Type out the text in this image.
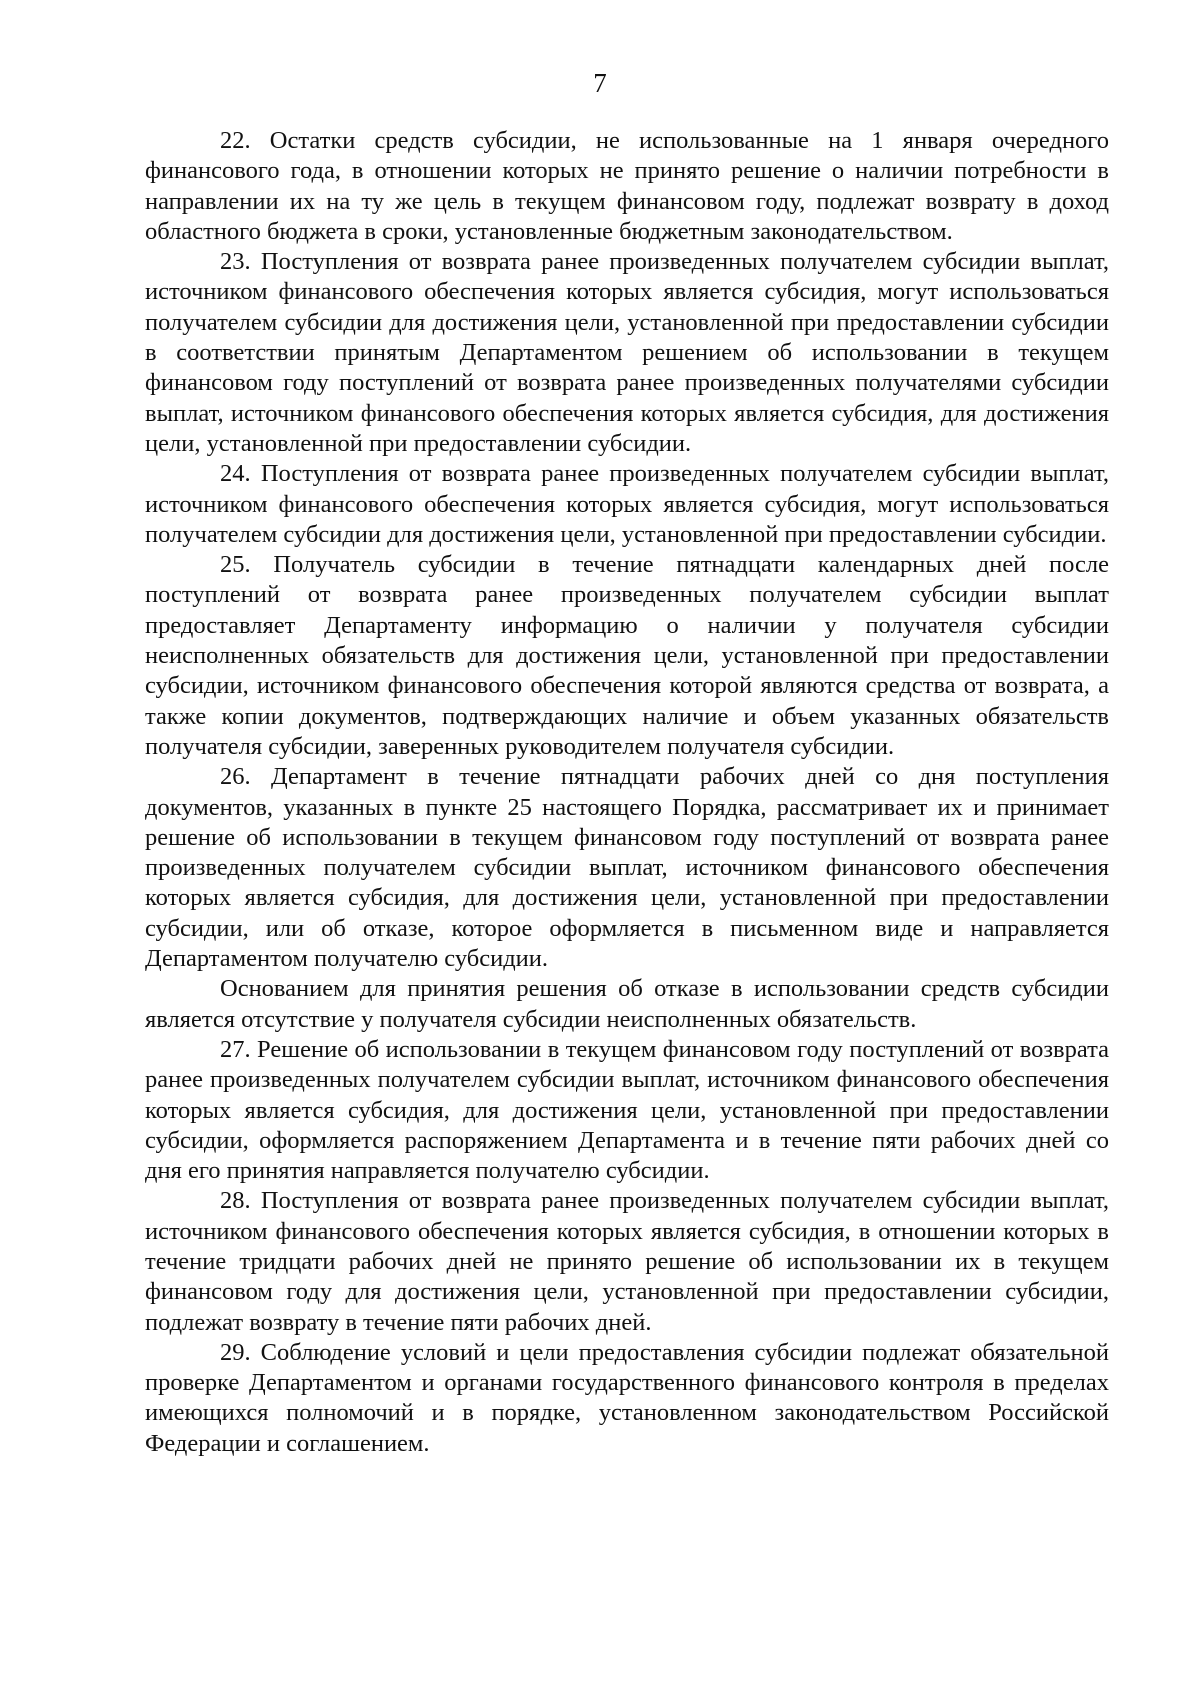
7

22. Остатки средств субсидии, не использованные на 1 января очередного финансового года, в отношении которых не принято решение о наличии потребности в направлении их на ту же цель в текущем финансовом году, подлежат возврату в доход областного бюджета в сроки, установленные бюджетным законодательством.

23. Поступления от возврата ранее произведенных получателем субсидии выплат, источником финансового обеспечения которых является субсидия, могут использоваться получателем субсидии для достижения цели, установленной при предоставлении субсидии в соответствии принятым Департаментом решением об использовании в текущем финансовом году поступлений от возврата ранее произведенных получателями субсидии выплат, источником финансового обеспечения которых является субсидия, для достижения цели, установленной при предоставлении субсидии.

24. Поступления от возврата ранее произведенных получателем субсидии выплат, источником финансового обеспечения которых является субсидия, могут использоваться получателем субсидии для достижения цели, установленной при предоставлении субсидии.

25. Получатель субсидии в течение пятнадцати календарных дней после поступлений от возврата ранее произведенных получателем субсидии выплат предоставляет Департаменту информацию о наличии у получателя субсидии неисполненных обязательств для достижения цели, установленной при предоставлении субсидии, источником финансового обеспечения которой являются средства от возврата, а также копии документов, подтверждающих наличие и объем указанных обязательств получателя субсидии, заверенных руководителем получателя субсидии.

26. Департамент в течение пятнадцати рабочих дней со дня поступления документов, указанных в пункте 25 настоящего Порядка, рассматривает их и принимает решение об использовании в текущем финансовом году поступлений от возврата ранее произведенных получателем субсидии выплат, источником финансового обеспечения которых является субсидия, для достижения цели, установленной при предоставлении субсидии, или об отказе, которое оформляется в письменном виде и направляется Департаментом получателю субсидии.

Основанием для принятия решения об отказе в использовании средств субсидии является отсутствие у получателя субсидии неисполненных обязательств.

27. Решение об использовании в текущем финансовом году поступлений от возврата ранее произведенных получателем субсидии выплат, источником финансового обеспечения которых является субсидия, для достижения цели, установленной при предоставлении субсидии, оформляется распоряжением Департамента и в течение пяти рабочих дней со дня его принятия направляется получателю субсидии.

28. Поступления от возврата ранее произведенных получателем субсидии выплат, источником финансового обеспечения которых является субсидия, в отношении которых в течение тридцати рабочих дней не принято решение об использовании их в текущем финансовом году для достижения цели, установленной при предоставлении субсидии, подлежат возврату в течение пяти рабочих дней.

29. Соблюдение условий и цели предоставления субсидии подлежат обязательной проверке Департаментом и органами государственного финансового контроля в пределах имеющихся полномочий и в порядке, установленном законодательством Российской Федерации и соглашением.
